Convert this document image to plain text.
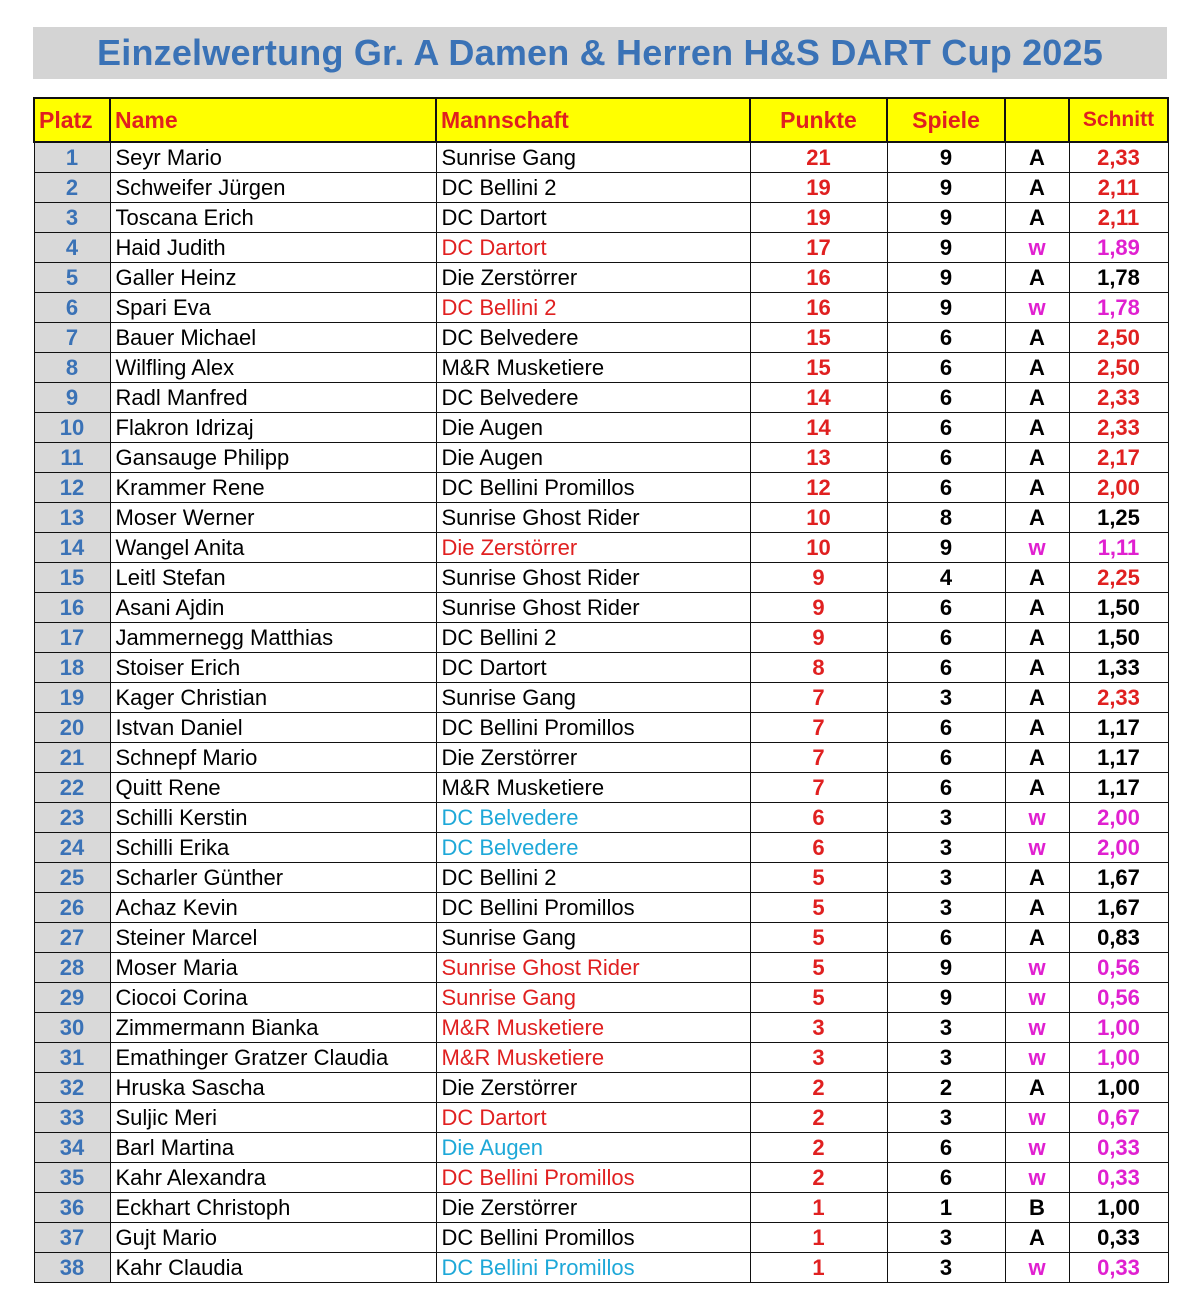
Einzelwertung Gr. A Damen & Herren H&S DART Cup 2025
Platz	Name	Mannschaft	Punkte	Spiele		Schnitt
1	Seyr Mario	Sunrise Gang	21	9	A	2,33
2	Schweifer Jürgen	DC Bellini 2	19	9	A	2,11
3	Toscana Erich	DC Dartort	19	9	A	2,11
4	Haid Judith	DC Dartort	17	9	w	1,89
5	Galler Heinz	Die Zerstörrer	16	9	A	1,78
6	Spari Eva	DC Bellini 2	16	9	w	1,78
7	Bauer Michael	DC Belvedere	15	6	A	2,50
8	Wilfling Alex	M&R Musketiere	15	6	A	2,50
9	Radl Manfred	DC Belvedere	14	6	A	2,33
10	Flakron Idrizaj	Die Augen	14	6	A	2,33
11	Gansauge Philipp	Die Augen	13	6	A	2,17
12	Krammer Rene	DC Bellini Promillos	12	6	A	2,00
13	Moser Werner	Sunrise Ghost Rider	10	8	A	1,25
14	Wangel Anita	Die Zerstörrer	10	9	w	1,11
15	Leitl Stefan	Sunrise Ghost Rider	9	4	A	2,25
16	Asani Ajdin	Sunrise Ghost Rider	9	6	A	1,50
17	Jammernegg Matthias	DC Bellini 2	9	6	A	1,50
18	Stoiser Erich	DC Dartort	8	6	A	1,33
19	Kager Christian	Sunrise Gang	7	3	A	2,33
20	Istvan Daniel	DC Bellini Promillos	7	6	A	1,17
21	Schnepf Mario	Die Zerstörrer	7	6	A	1,17
22	Quitt Rene	M&R Musketiere	7	6	A	1,17
23	Schilli Kerstin	DC Belvedere	6	3	w	2,00
24	Schilli Erika	DC Belvedere	6	3	w	2,00
25	Scharler Günther	DC Bellini 2	5	3	A	1,67
26	Achaz Kevin	DC Bellini Promillos	5	3	A	1,67
27	Steiner Marcel	Sunrise Gang	5	6	A	0,83
28	Moser Maria	Sunrise Ghost Rider	5	9	w	0,56
29	Ciocoi Corina	Sunrise Gang	5	9	w	0,56
30	Zimmermann Bianka	M&R Musketiere	3	3	w	1,00
31	Emathinger Gratzer Claudia	M&R Musketiere	3	3	w	1,00
32	Hruska Sascha	Die Zerstörrer	2	2	A	1,00
33	Suljic Meri	DC Dartort	2	3	w	0,67
34	Barl Martina	Die Augen	2	6	w	0,33
35	Kahr Alexandra	DC Bellini Promillos	2	6	w	0,33
36	Eckhart Christoph	Die Zerstörrer	1	1	B	1,00
37	Gujt Mario	DC Bellini Promillos	1	3	A	0,33
38	Kahr Claudia	DC Bellini Promillos	1	3	w	0,33
